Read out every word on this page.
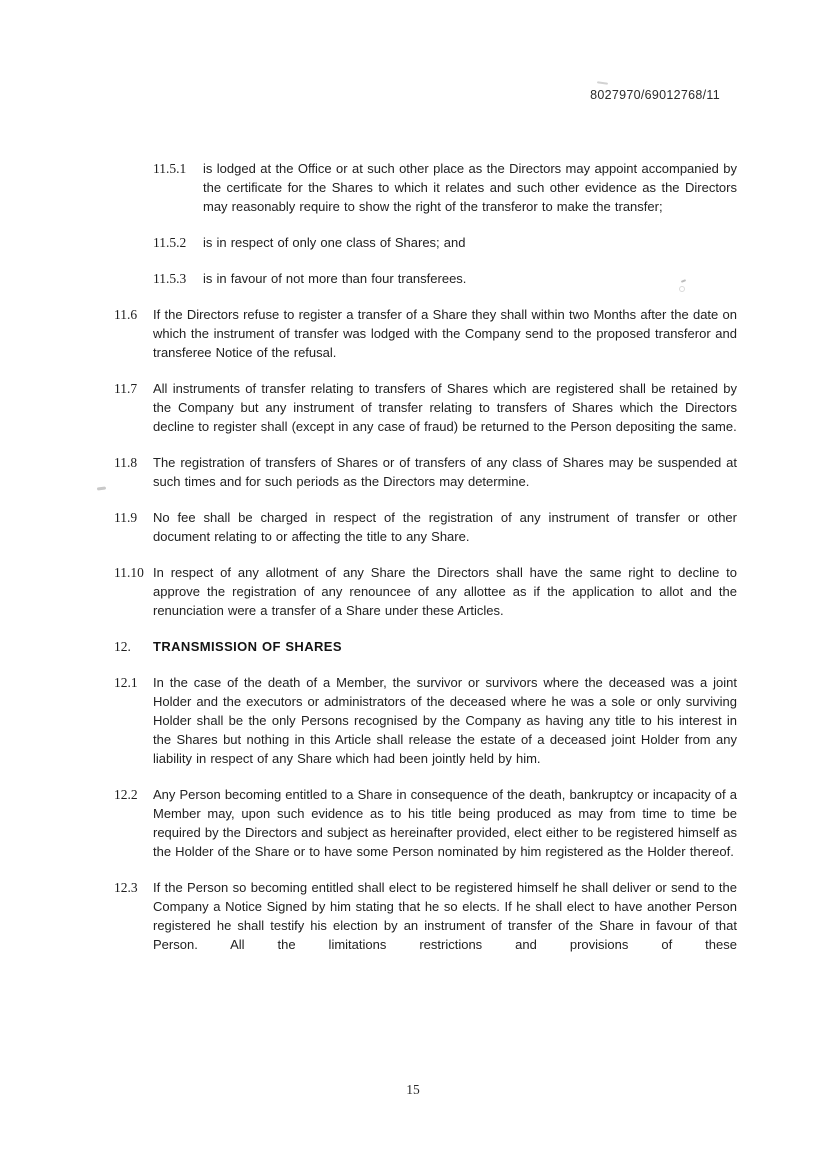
8027970/69012768/11
11.5.1	is lodged at the Office or at such other place as the Directors may appoint accompanied by the certificate for the Shares to which it relates and such other evidence as the Directors may reasonably require to show the right of the transferor to make the transfer;
11.5.2	is in respect of only one class of Shares; and
11.5.3	is in favour of not more than four transferees.
11.6	If the Directors refuse to register a transfer of a Share they shall within two Months after the date on which the instrument of transfer was lodged with the Company send to the proposed transferor and transferee Notice of the refusal.
11.7	All instruments of transfer relating to transfers of Shares which are registered shall be retained by the Company but any instrument of transfer relating to transfers of Shares which the Directors decline to register shall (except in any case of fraud) be returned to the Person depositing the same.
11.8	The registration of transfers of Shares or of transfers of any class of Shares may be suspended at such times and for such periods as the Directors may determine.
11.9	No fee shall be charged in respect of the registration of any instrument of transfer or other document relating to or affecting the title to any Share.
11.10 In respect of any allotment of any Share the Directors shall have the same right to decline to approve the registration of any renouncee of any allottee as if the application to allot and the renunciation were a transfer of a Share under these Articles.
12.	TRANSMISSION OF SHARES
12.1	In the case of the death of a Member, the survivor or survivors where the deceased was a joint Holder and the executors or administrators of the deceased where he was a sole or only surviving Holder shall be the only Persons recognised by the Company as having any title to his interest in the Shares but nothing in this Article shall release the estate of a deceased joint Holder from any liability in respect of any Share which had been jointly held by him.
12.2	Any Person becoming entitled to a Share in consequence of the death, bankruptcy or incapacity of a Member may, upon such evidence as to his title being produced as may from time to time be required by the Directors and subject as hereinafter provided, elect either to be registered himself as the Holder of the Share or to have some Person nominated by him registered as the Holder thereof.
12.3	If the Person so becoming entitled shall elect to be registered himself he shall deliver or send to the Company a Notice Signed by him stating that he so elects. If he shall elect to have another Person registered he shall testify his election by an instrument of transfer of the Share in favour of that Person. All the limitations restrictions and provisions of these
15
